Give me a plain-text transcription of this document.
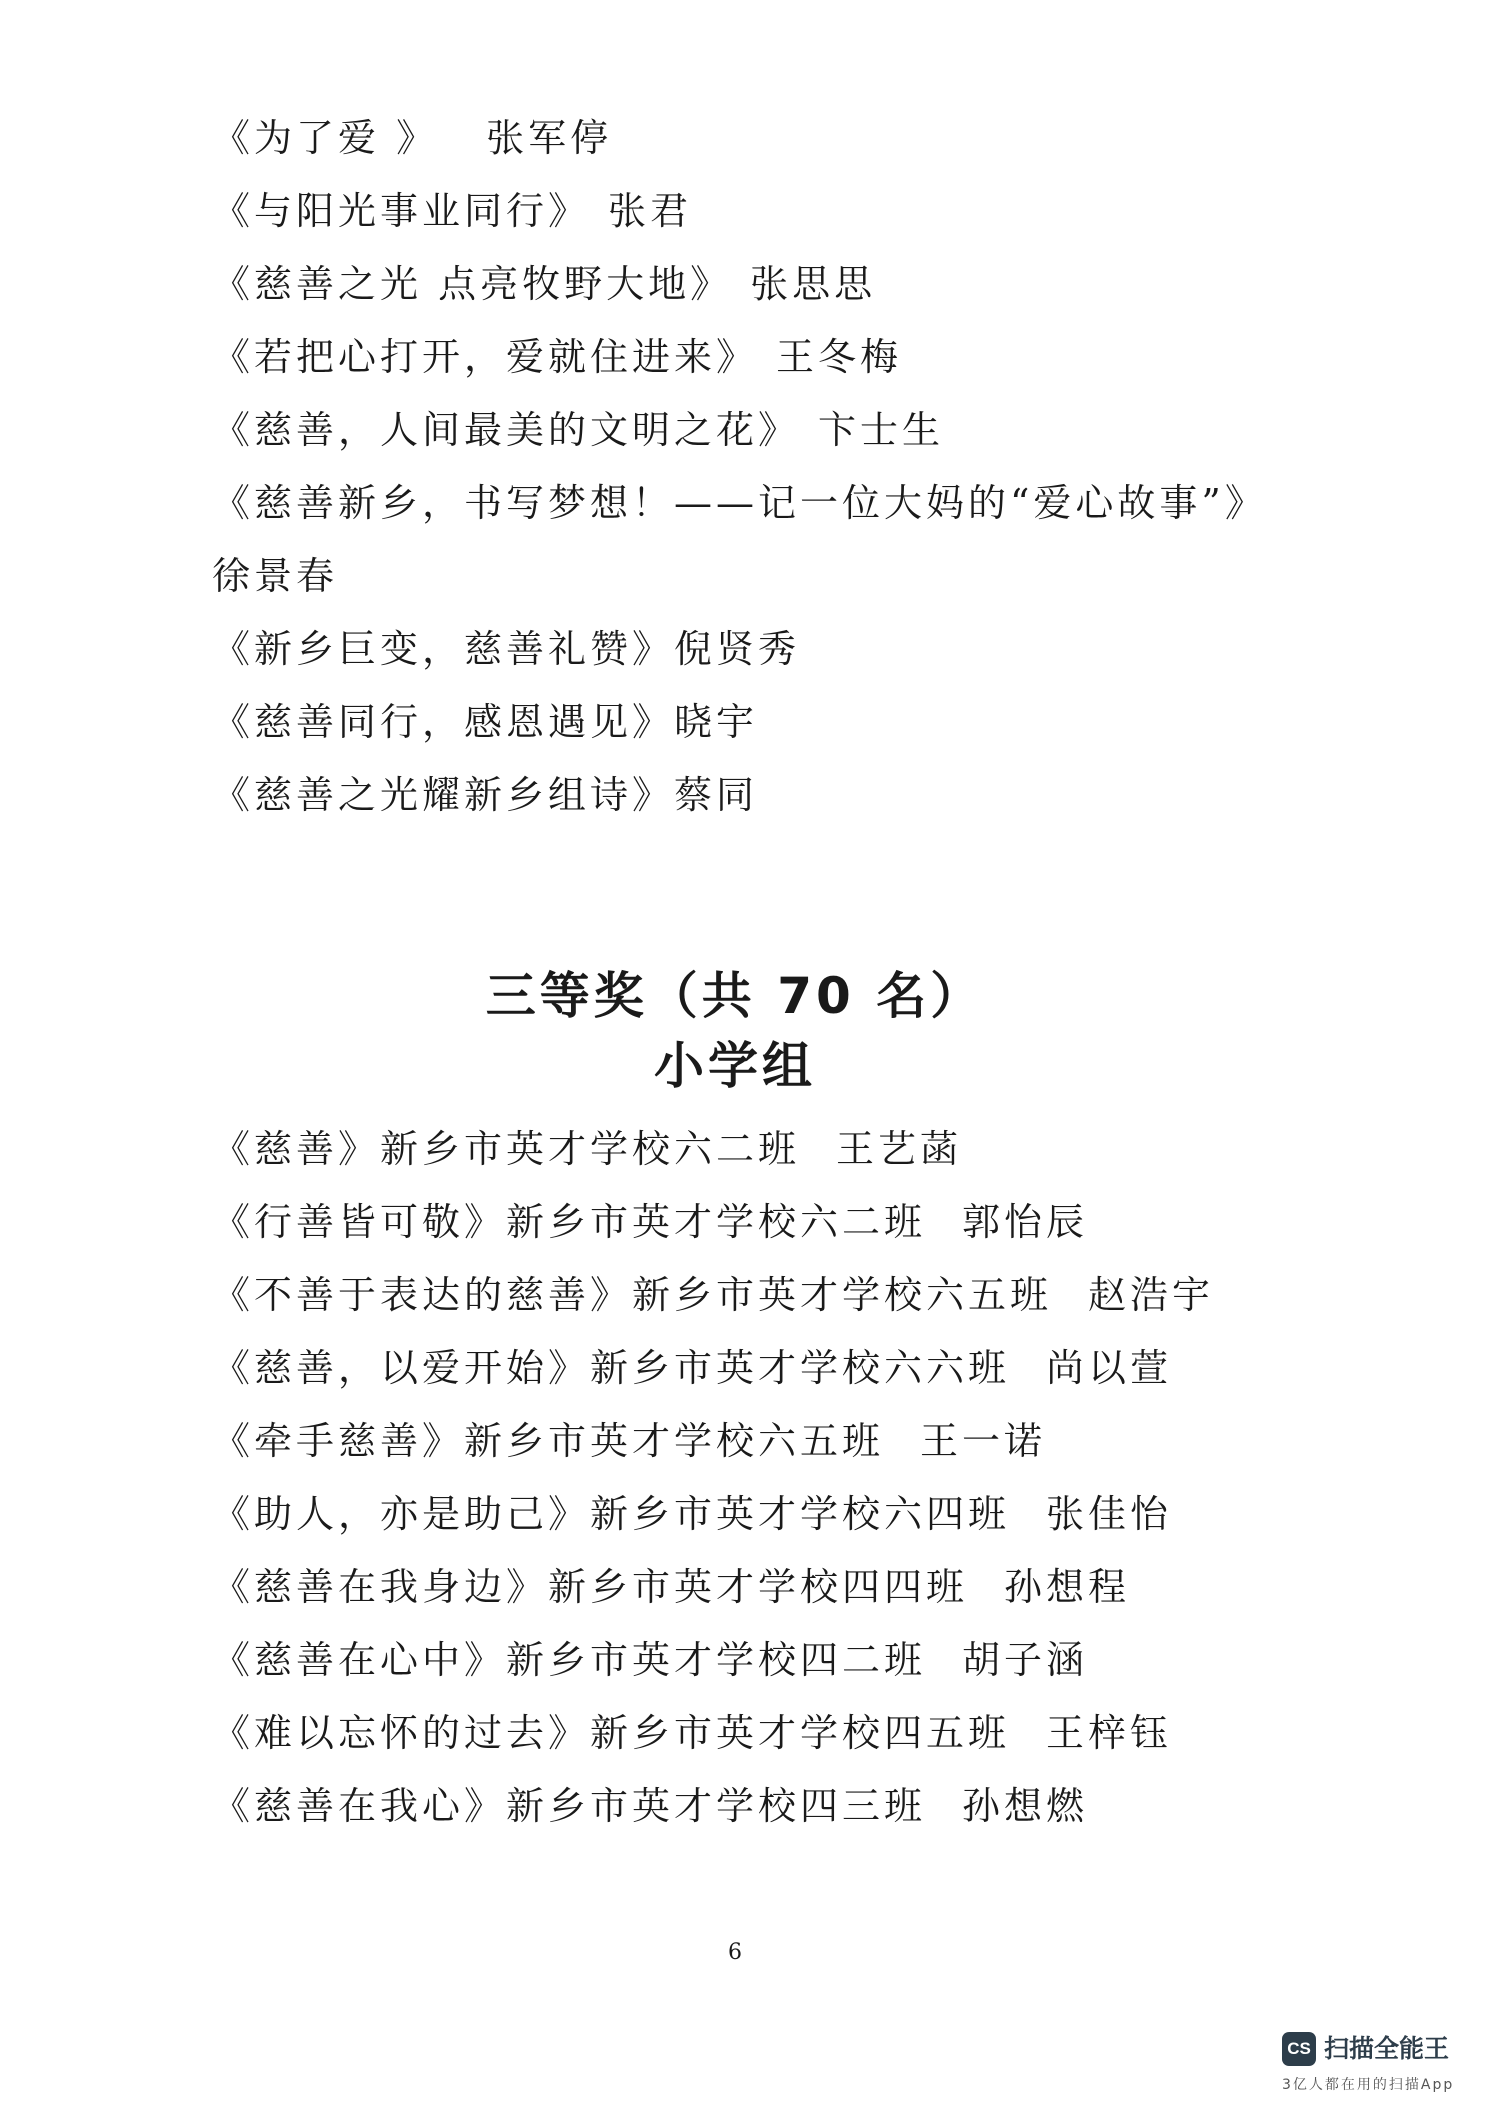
《为了爱 》 张军停
《与阳光事业同行》 张君
《慈善之光 点亮牧野大地》 张思思
《若把心打开，爱就住进来》 王冬梅
《慈善，人间最美的文明之花》 卞士生
《慈善新乡，书写梦想！——记一位大妈的“爱心故事”》
徐景春
《新乡巨变，慈善礼赞》倪贤秀
《慈善同行，感恩遇见》晓宇
《慈善之光耀新乡组诗》蔡同
三等奖（共 70 名）
小学组
《慈善》新乡市英才学校六二班 王艺菡
《行善皆可敬》新乡市英才学校六二班 郭怡辰
《不善于表达的慈善》新乡市英才学校六五班 赵浩宇
《慈善，以爱开始》新乡市英才学校六六班 尚以萱
《牵手慈善》新乡市英才学校六五班 王一诺
《助人，亦是助己》新乡市英才学校六四班 张佳怡
《慈善在我身边》新乡市英才学校四四班 孙想程
《慈善在心中》新乡市英才学校四二班 胡子涵
《难以忘怀的过去》新乡市英才学校四五班 王梓钰
《慈善在我心》新乡市英才学校四三班 孙想燃
6
CS 扫描全能王
3亿人都在用的扫描App
